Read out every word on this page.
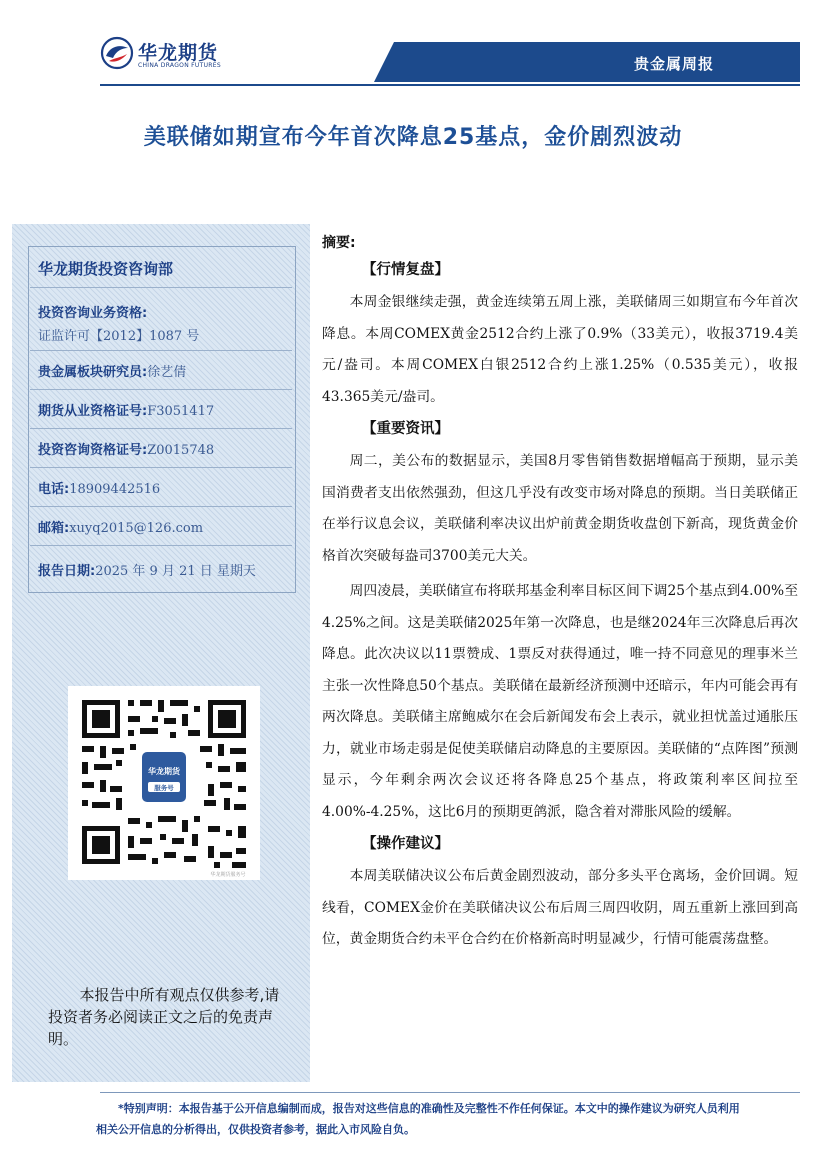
华龙期货
CHINA DRAGON FUTURES	贵金属周报
美联储如期宣布今年首次降息25基点，金价剧烈波动
华龙期货投资咨询部
投资咨询业务资格:
证监许可【2012】1087 号
贵金属板块研究员:徐艺倩
期货从业资格证号:F3051417
投资咨询资格证号:Z0015748
电话:18909442516
邮箱:xuyq2015@126.com
报告日期:2025 年 9 月 21 日 星期天
华龙期货
服务号
华龙期货服务号
本报告中所有观点仅供参考,请投资者务必阅读正文之后的免责声明。
摘要:
【行情复盘】

本周金银继续走强，黄金连续第五周上涨，美联储周三如期宣布今年首次降息。本周COMEX黄金2512合约上涨了0.9%（33美元），收报3719.4美元/盎司。本周COMEX白银2512合约上涨1.25%（0.535美元），收报43.365美元/盎司。

【重要资讯】

周二，美公布的数据显示，美国8月零售销售数据增幅高于预期，显示美国消费者支出依然强劲，但这几乎没有改变市场对降息的预期。当日美联储正在举行议息会议，美联储利率决议出炉前黄金期货收盘创下新高，现货黄金价格首次突破每盎司3700美元大关。

周四凌晨，美联储宣布将联邦基金利率目标区间下调25个基点到4.00%至4.25%之间。这是美联储2025年第一次降息，也是继2024年三次降息后再次降息。此次决议以11票赞成、1票反对获得通过，唯一持不同意见的理事米兰主张一次性降息50个基点。美联储在最新经济预测中还暗示，年内可能会再有两次降息。美联储主席鲍威尔在会后新闻发布会上表示，就业担忧盖过通胀压力，就业市场走弱是促使美联储启动降息的主要原因。美联储的“点阵图”预测显示，今年剩余两次会议还将各降息25个基点，将政策利率区间拉至4.00%-4.25%，这比6月的预期更鸽派，隐含着对滞胀风险的缓解。

【操作建议】

本周美联储决议公布后黄金剧烈波动，部分多头平仓离场，金价回调。短线看，COMEX金价在美联储决议公布后周三周四收阴，周五重新上涨回到高位，黄金期货合约未平仓合约在价格新高时明显减少，行情可能震荡盘整。

*特别声明：本报告基于公开信息编制而成，报告对这些信息的准确性及完整性不作任何保证。本文中的操作建议为研究人员利用相关公开信息的分析得出，仅供投资者参考，据此入市风险自负。
